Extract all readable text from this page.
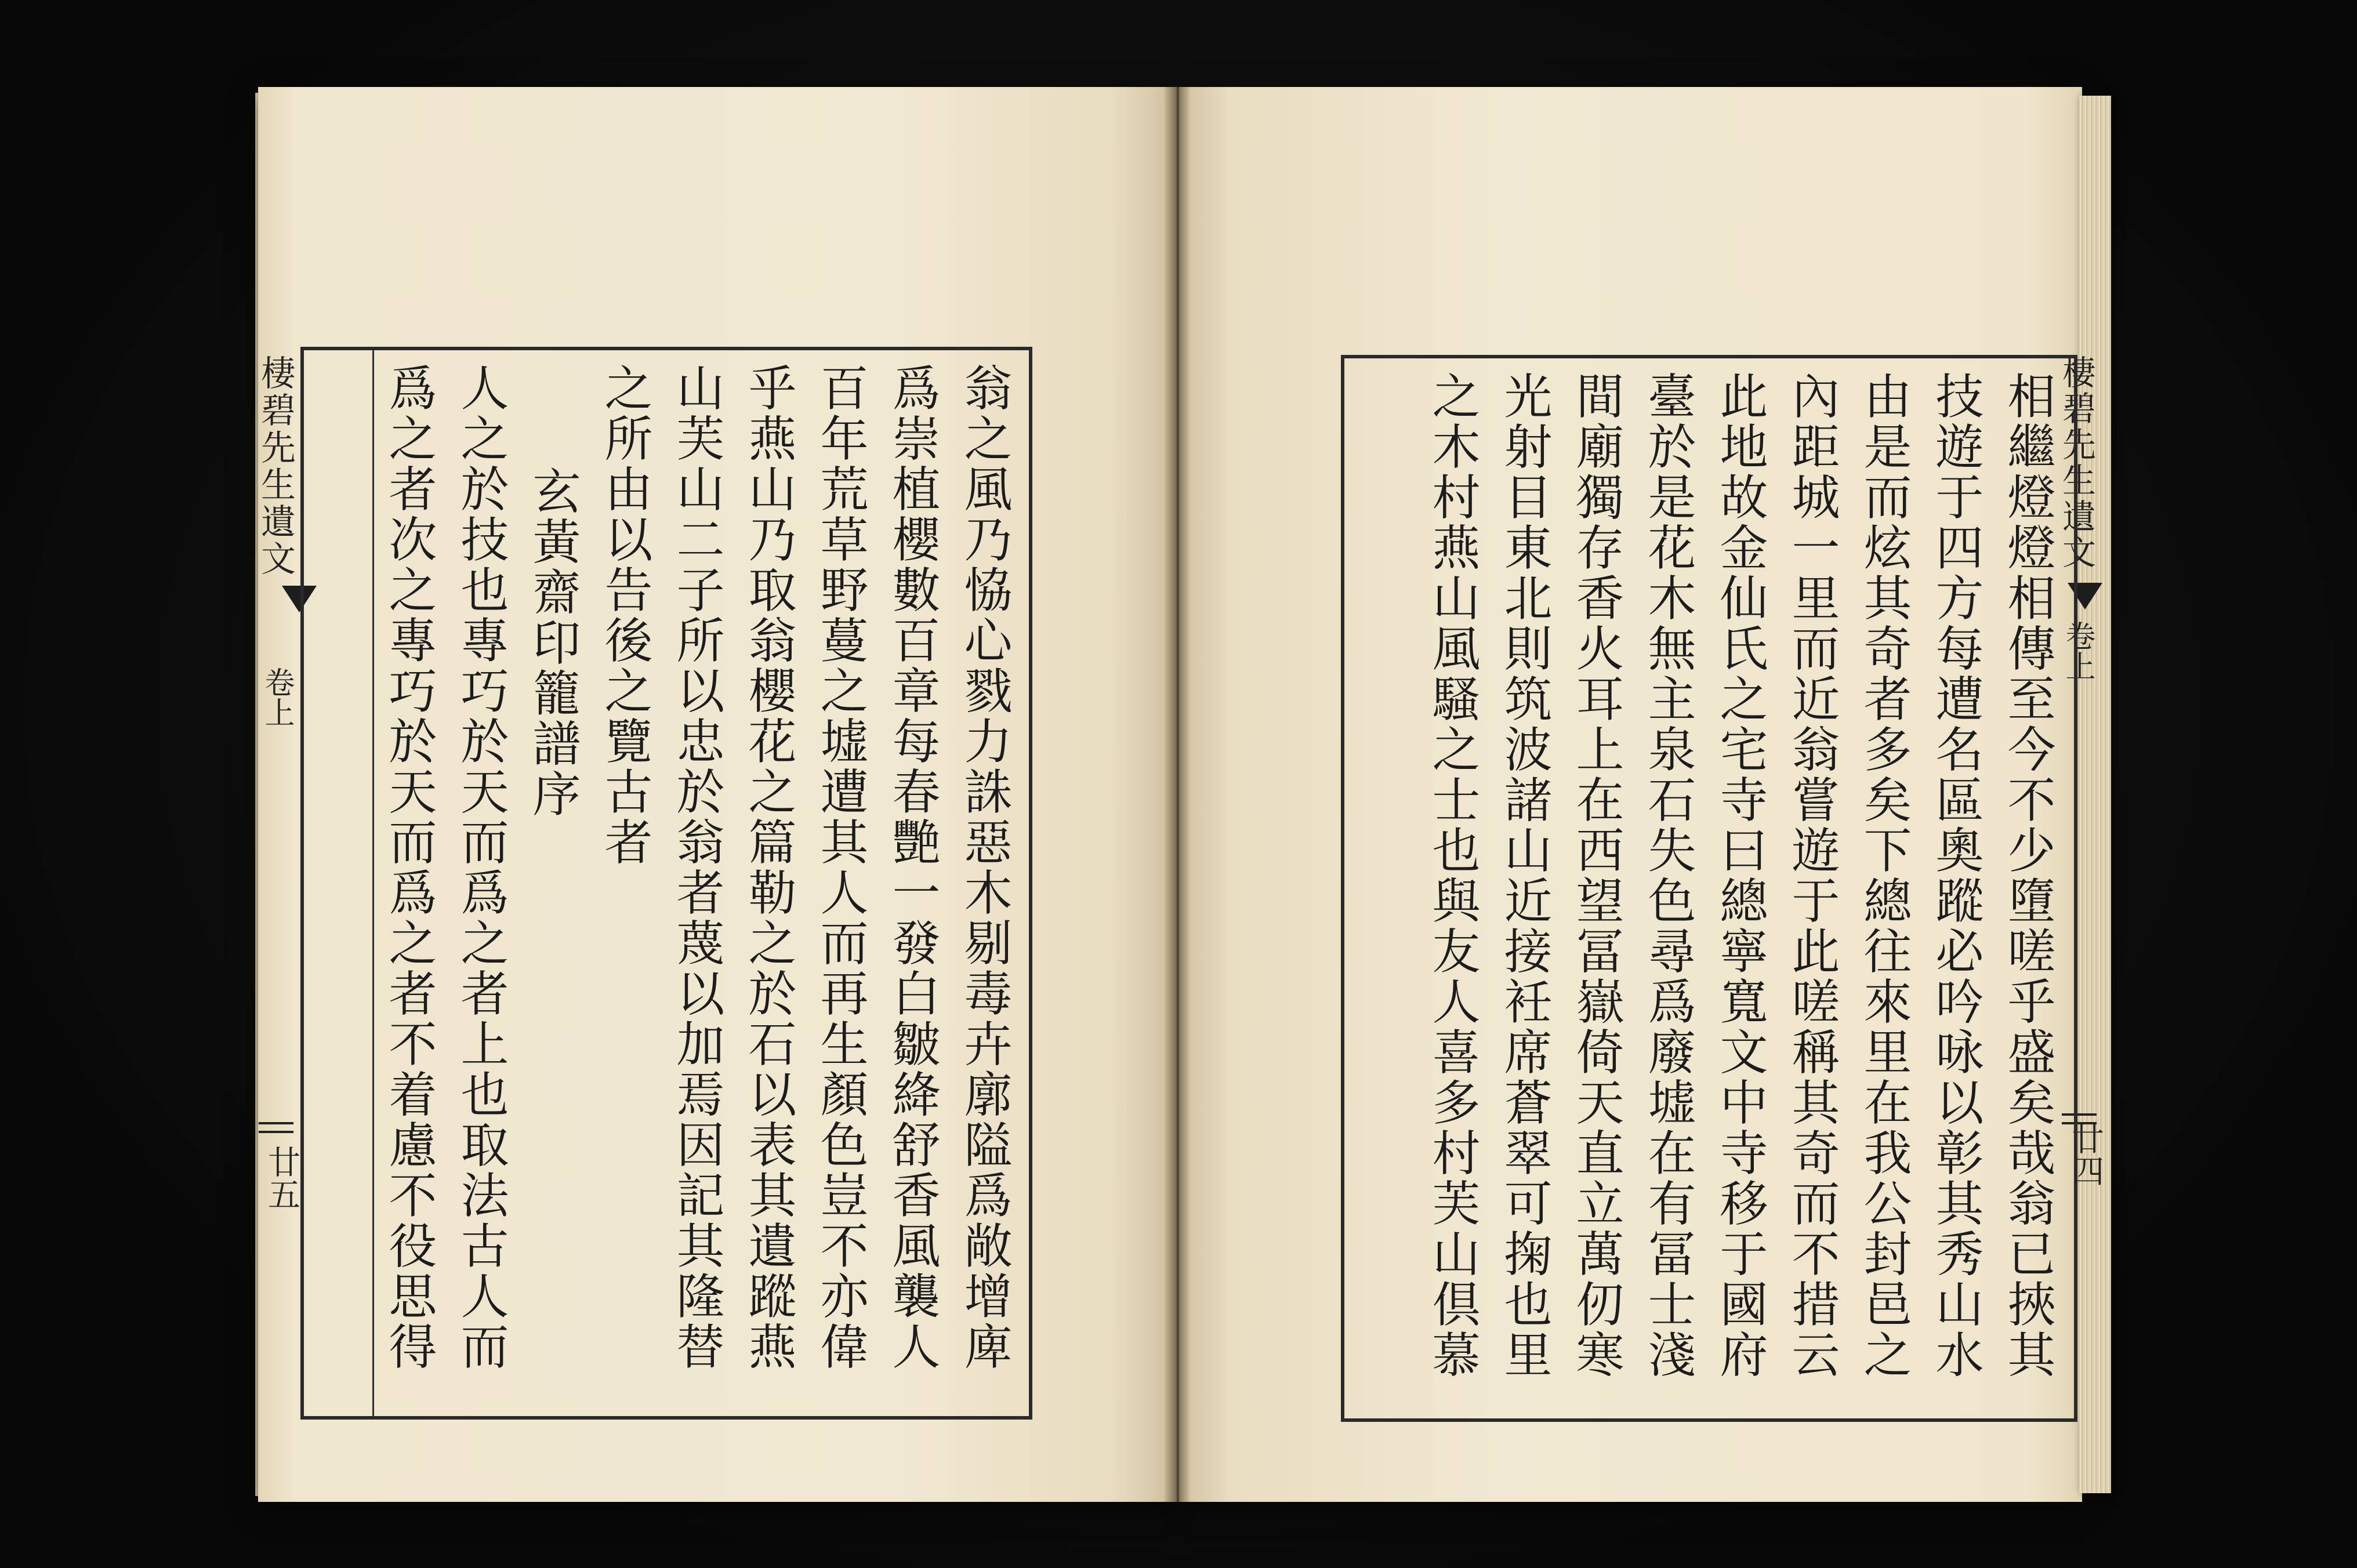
棲碧先生遺文
卷上
廿五
棲碧先生遺文
卷上
廿四
翁之風乃恊心戮力誅惡木剔毒卉廓隘爲敞增庳
爲崇植櫻數百章每春艷一發白皺絳舒香風襲人
百年荒草野蔓之墟遭其人而再生顏色豈不亦偉
乎燕山乃取翁櫻花之篇勒之於石以表其遺蹤燕
山芙山二子所以忠於翁者蔑以加焉因記其隆替
之所由以告後之覽古者
玄黃齋印籠譜序
人之於技也專巧於天而爲之者上也取法古人而
爲之者次之專巧於天而爲之者不着慮不役思得	相繼燈燈相傳至今不少墮嗟乎盛矣哉翁已挾其
技遊于四方每遭名區奧蹤必吟咏以彰其秀山水
由是而炫其奇者多矣下總往來里在我公封邑之
內距城一里而近翁嘗遊于此嗟稱其奇而不措云
此地故金仙氏之宅寺曰總寧寬文中寺移于國府
臺於是花木無主泉石失色尋爲廢墟在有冨士淺
間廟獨存香火耳上在西望冨嶽倚天直立萬仞寒
光射目東北則筑波諸山近接衽席蒼翠可掬也里
之木村燕山風騷之士也與友人喜多村芙山倶慕
